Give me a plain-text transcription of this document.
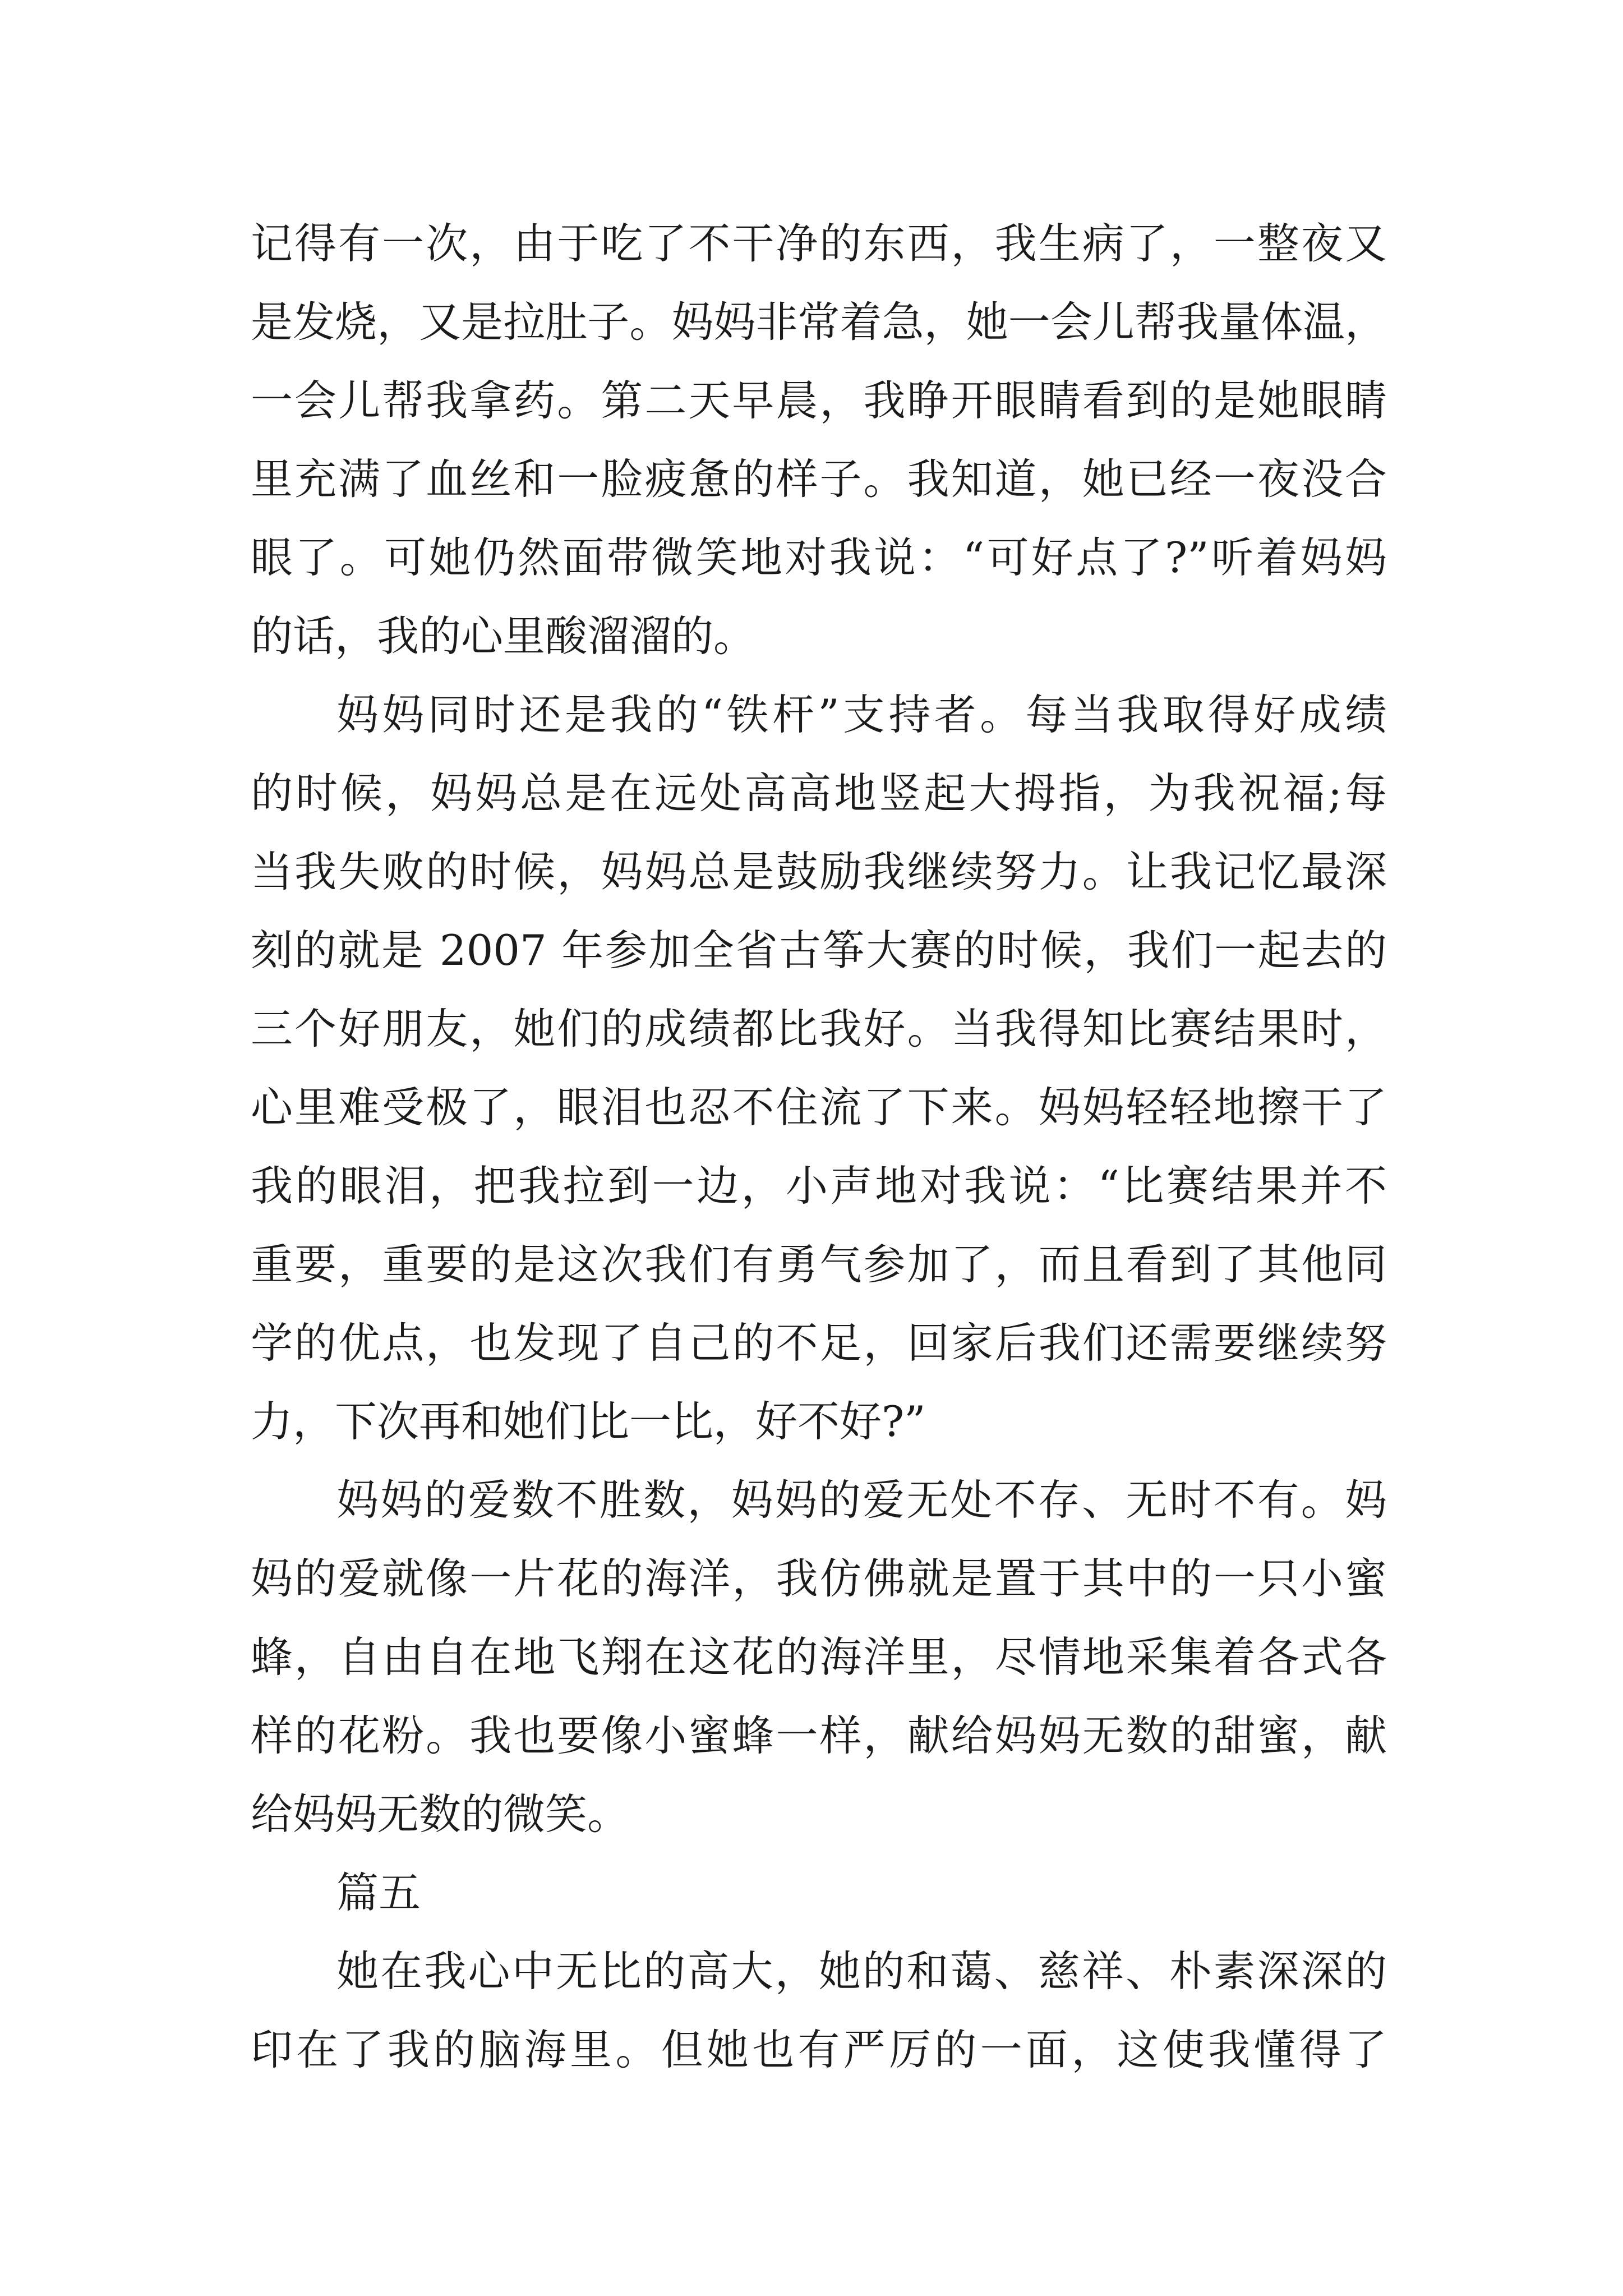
记得有一次，由于吃了不干净的东西，我生病了，一整夜又
是发烧，又是拉肚子。妈妈非常着急，她一会儿帮我量体温，
一会儿帮我拿药。第二天早晨，我睁开眼睛看到的是她眼睛
里充满了血丝和一脸疲惫的样子。我知道，她已经一夜没合
眼了。可她仍然面带微笑地对我说：“可好点了?”听着妈妈
的话，我的心里酸溜溜的。
妈妈同时还是我的“铁杆”支持者。每当我取得好成绩
的时候，妈妈总是在远处高高地竖起大拇指，为我祝福;每
当我失败的时候，妈妈总是鼓励我继续努力。让我记忆最深
刻的就是 2007 年参加全省古筝大赛的时候，我们一起去的
三个好朋友，她们的成绩都比我好。当我得知比赛结果时，
心里难受极了，眼泪也忍不住流了下来。妈妈轻轻地擦干了
我的眼泪，把我拉到一边，小声地对我说：“比赛结果并不
重要，重要的是这次我们有勇气参加了，而且看到了其他同
学的优点，也发现了自己的不足，回家后我们还需要继续努
力，下次再和她们比一比，好不好?”
妈妈的爱数不胜数，妈妈的爱无处不存、无时不有。妈
妈的爱就像一片花的海洋，我仿佛就是置于其中的一只小蜜
蜂，自由自在地飞翔在这花的海洋里，尽情地采集着各式各
样的花粉。我也要像小蜜蜂一样，献给妈妈无数的甜蜜，献
给妈妈无数的微笑。
篇五
她在我心中无比的高大，她的和蔼、慈祥、朴素深深的
印在了我的脑海里。但她也有严厉的一面，这使我懂得了
